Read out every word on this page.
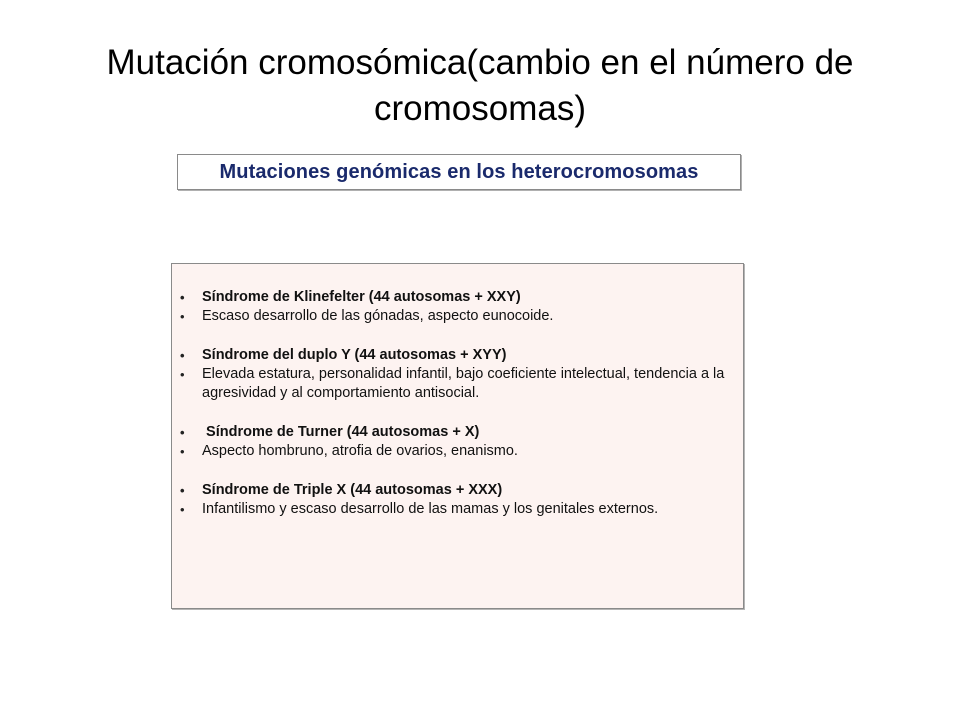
Mutación cromosómica(cambio en el número de cromosomas)
Mutaciones genómicas en los heterocromosomas
• Síndrome de Klinefelter (44 autosomas + XXY)
• Escaso desarrollo de las gónadas, aspecto eunocoide.
• Síndrome del duplo Y (44 autosomas + XYY)
• Elevada estatura, personalidad infantil, bajo coeficiente intelectual, tendencia a la agresividad y al comportamiento antisocial.
• Síndrome de Turner (44 autosomas + X)
• Aspecto hombruno, atrofia de ovarios, enanismo.
• Síndrome de Triple X (44 autosomas + XXX)
• Infantilismo y escaso desarrollo de las mamas y los genitales externos.
